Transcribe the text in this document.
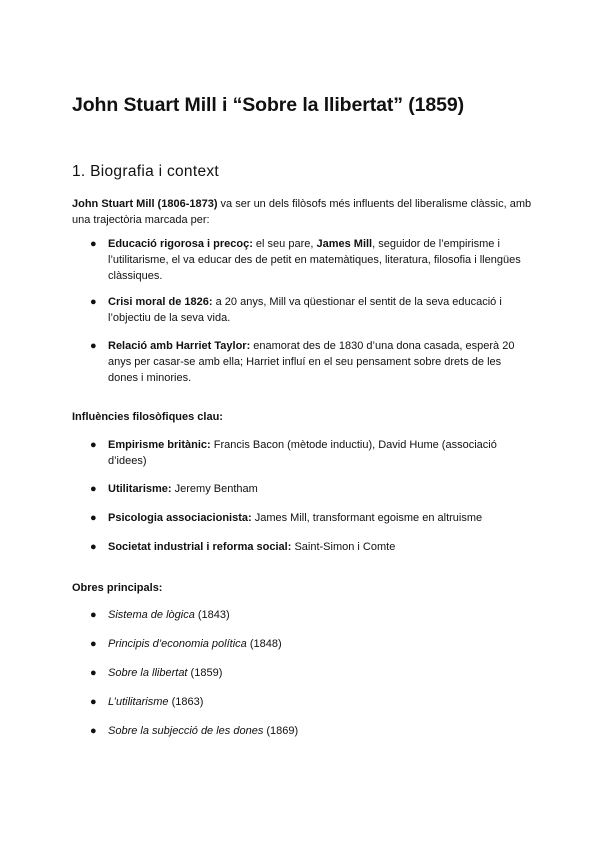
John Stuart Mill i “Sobre la llibertat” (1859)
1. Biografia i context

John Stuart Mill (1806-1873) va ser un dels filòsofs més influents del liberalisme clàssic, amb una trajectòria marcada per:

● Educació rigorosa i precoç: el seu pare, James Mill, seguidor de l’empirisme i l’utilitarisme, el va educar des de petit en matemàtiques, literatura, filosofia i llengües clàssiques.
● Crisi moral de 1826: a 20 anys, Mill va qüestionar el sentit de la seva educació i l’objectiu de la seva vida.
● Relació amb Harriet Taylor: enamorat des de 1830 d’una dona casada, esperà 20 anys per casar-se amb ella; Harriet influí en el seu pensament sobre drets de les dones i minories.

Influències filosòfiques clau:

● Empirisme britànic: Francis Bacon (mètode inductiu), David Hume (associació d’idees)
● Utilitarisme: Jeremy Bentham
● Psicologia associacionista: James Mill, transformant egoisme en altruisme
● Societat industrial i reforma social: Saint-Simon i Comte

Obres principals:

● Sistema de lògica (1843)
● Principis d’economia política (1848)
● Sobre la llibertat (1859)
● L’utilitarisme (1863)
● Sobre la subjecció de les dones (1869)
